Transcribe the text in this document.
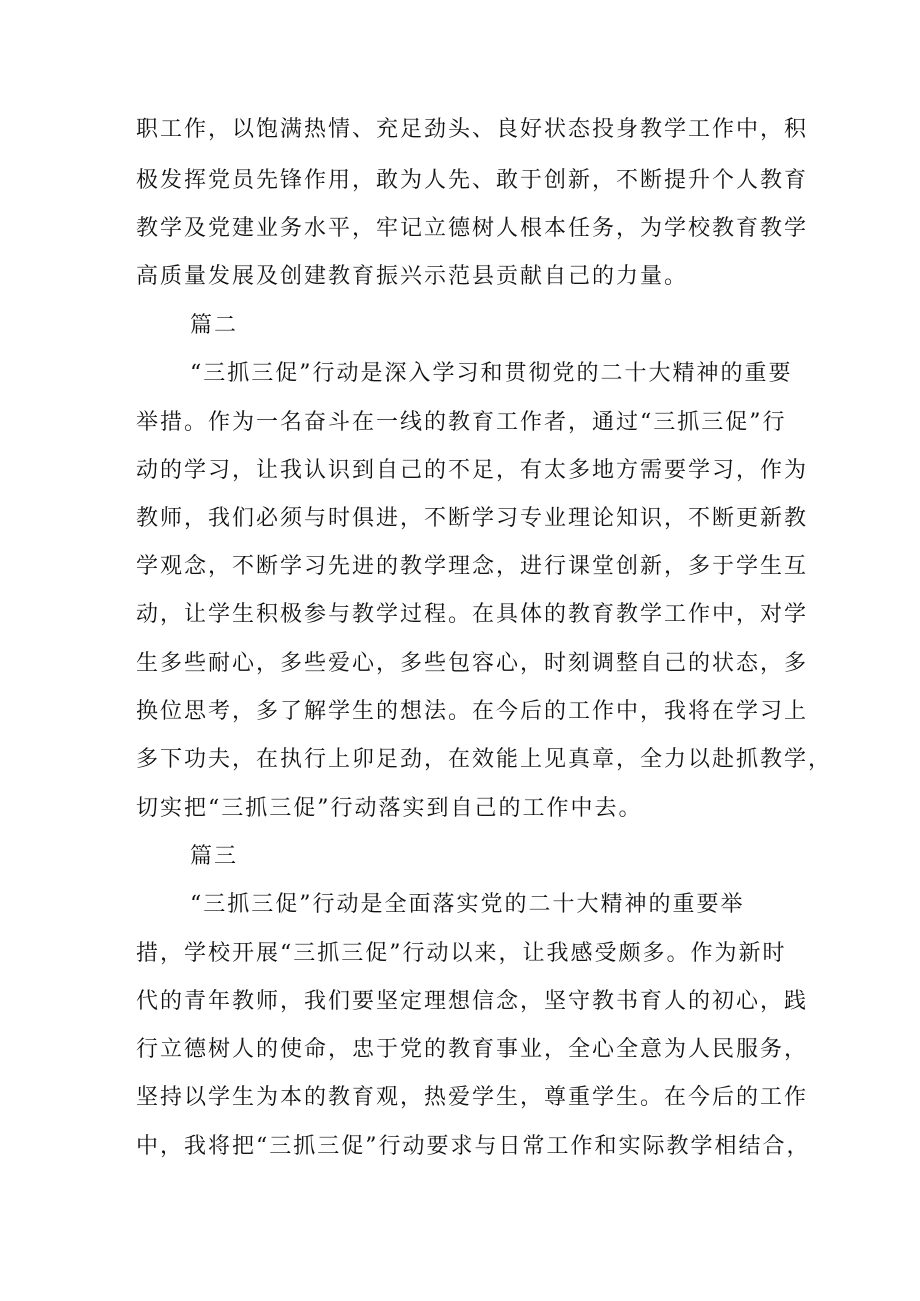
职工作，以饱满热情、充足劲头、良好状态投身教学工作中，积
极发挥党员先锋作用，敢为人先、敢于创新，不断提升个人教育
教学及党建业务水平，牢记立德树人根本任务，为学校教育教学
高质量发展及创建教育振兴示范县贡献自己的力量。
篇二
“三抓三促”行动是深入学习和贯彻党的二十大精神的重要
举措。作为一名奋斗在一线的教育工作者，通过“三抓三促”行
动的学习，让我认识到自己的不足，有太多地方需要学习，作为
教师，我们必须与时俱进，不断学习专业理论知识，不断更新教
学观念，不断学习先进的教学理念，进行课堂创新，多于学生互
动，让学生积极参与教学过程。在具体的教育教学工作中，对学
生多些耐心，多些爱心，多些包容心，时刻调整自己的状态，多
换位思考，多了解学生的想法。在今后的工作中，我将在学习上
多下功夫，在执行上卯足劲，在效能上见真章，全力以赴抓教学，
切实把“三抓三促”行动落实到自己的工作中去。
篇三
“三抓三促”行动是全面落实党的二十大精神的重要举
措，学校开展“三抓三促”行动以来，让我感受颇多。作为新时
代的青年教师，我们要坚定理想信念，坚守教书育人的初心，践
行立德树人的使命，忠于党的教育事业，全心全意为人民服务，
坚持以学生为本的教育观，热爱学生，尊重学生。在今后的工作
中，我将把“三抓三促”行动要求与日常工作和实际教学相结合，
